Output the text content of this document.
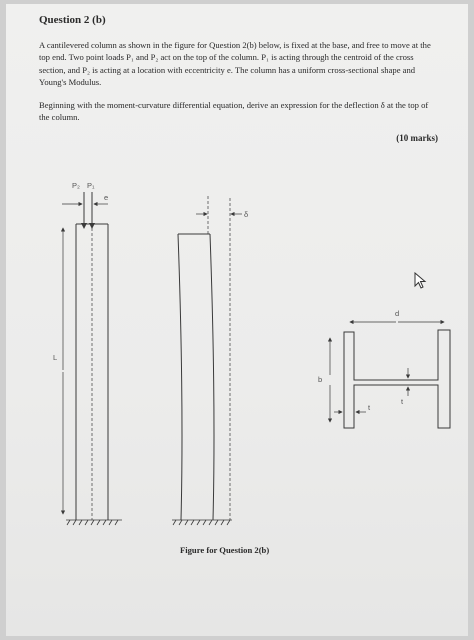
Question 2 (b)

A cantilevered column as shown in the figure for Question 2(b) below, is fixed at the base, and free to move at the top end. Two point loads P₁ and P₂ act on the top of the column. P₁ is acting through the centroid of the cross section, and P₂ is acting at a location with eccentricity e. The column has a uniform cross-sectional shape and Young's Modulus.

Beginning with the moment-curvature differential equation, derive an expression for the deflection δ at the top of the column.

(10 marks)
P₂ P₁
e
L
δ
d
b
t
t
Figure for Question 2(b)
